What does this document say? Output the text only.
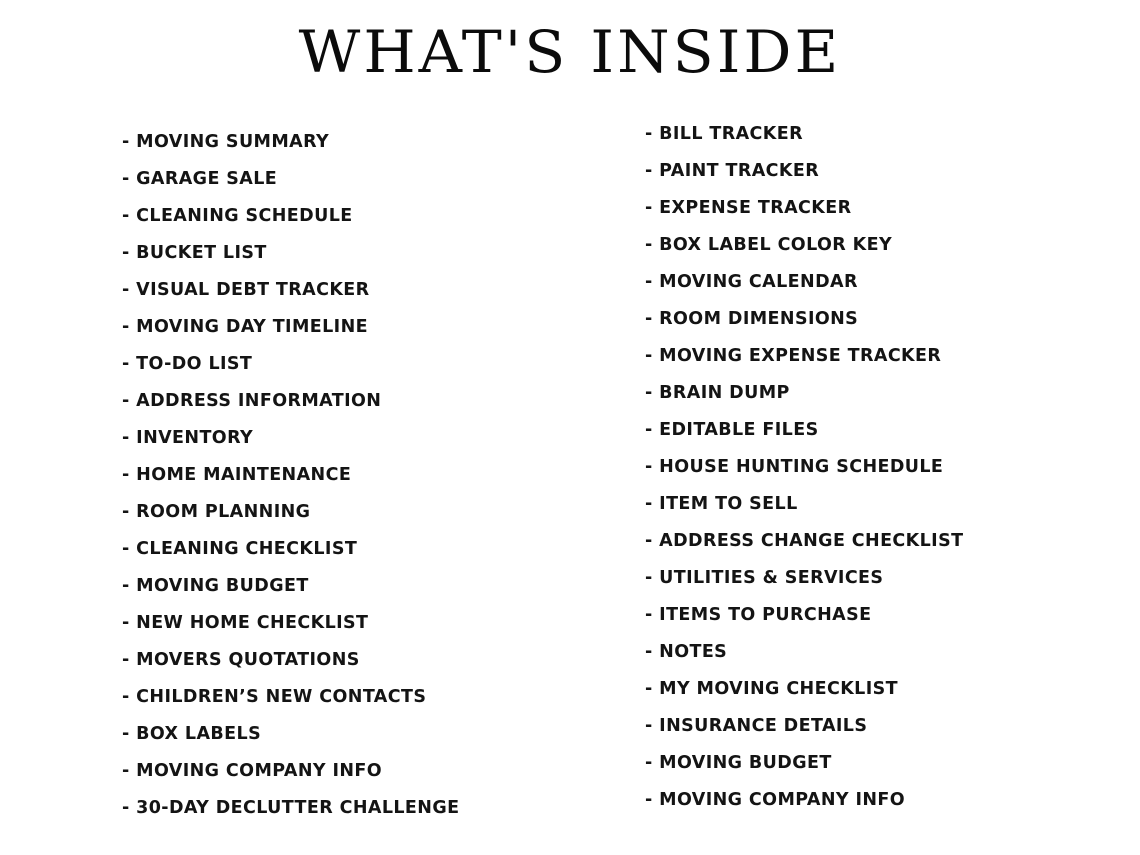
WHAT'S INSIDE
- MOVING SUMMARY
- GARAGE SALE
- CLEANING SCHEDULE
- BUCKET LIST
- VISUAL DEBT TRACKER
- MOVING DAY TIMELINE
- TO-DO LIST
- ADDRESS INFORMATION
- INVENTORY
- HOME MAINTENANCE
- ROOM PLANNING
- CLEANING CHECKLIST
- MOVING BUDGET
- NEW HOME CHECKLIST
- MOVERS QUOTATIONS
- CHILDREN’S NEW CONTACTS
- BOX LABELS
- MOVING COMPANY INFO
- 30-DAY DECLUTTER CHALLENGE
- BILL TRACKER
- PAINT TRACKER
- EXPENSE TRACKER
- BOX LABEL COLOR KEY
- MOVING CALENDAR
- ROOM DIMENSIONS
- MOVING EXPENSE TRACKER
- BRAIN DUMP
- EDITABLE FILES
- HOUSE HUNTING SCHEDULE
- ITEM TO SELL
- ADDRESS CHANGE CHECKLIST
- UTILITIES & SERVICES
- ITEMS TO PURCHASE
- NOTES
- MY MOVING CHECKLIST
- INSURANCE DETAILS
- MOVING BUDGET
- MOVING COMPANY INFO
